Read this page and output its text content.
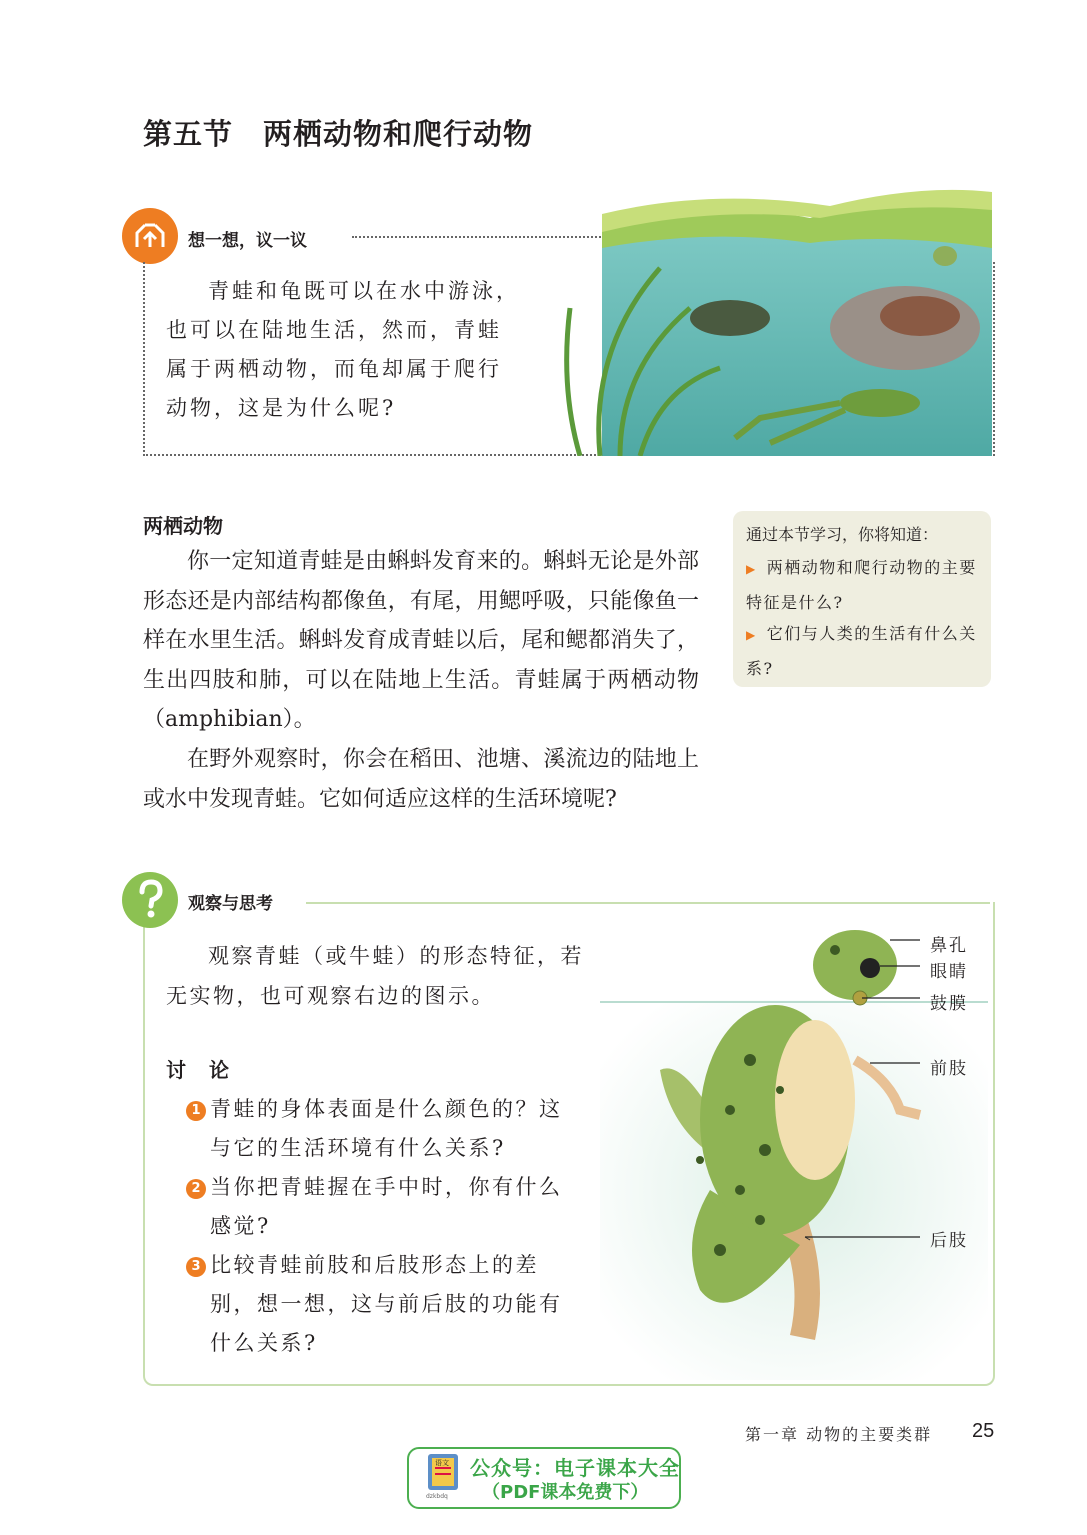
第五节　两栖动物和爬行动物
想一想，议一议

青蛙和龟既可以在水中游泳，

也可以在陆地生活，然而，青蛙

属于两栖动物，而龟却属于爬行

动物，这是为什么呢?

两栖动物

你一定知道青蛙是由蝌蚪发育来的。蝌蚪无论是外部形态还是内部结构都像鱼，有尾，用鳃呼吸，只能像鱼一样在水里生活。蝌蚪发育成青蛙以后，尾和鳃都消失了，生出四肢和肺，可以在陆地上生活。青蛙属于两栖动物（amphibian）。

在野外观察时，你会在稻田、池塘、溪流边的陆地上或水中发现青蛙。它如何适应这样的生活环境呢?

通过本节学习，你将知道：
▶ 两栖动物和爬行动物的主要特征是什么?
▶ 它们与人类的生活有什么关系?
观察与思考

观察青蛙（或牛蛙）的形态特征，若无实物，也可观察右边的图示。

讨 论
1 青蛙的身体表面是什么颜色的？这
与它的生活环境有什么关系?
2 当你把青蛙握在手中时，你有什么
感觉?
3 比较青蛙前肢和后肢形态上的差
别，想一想，这与前后肢的功能有
什么关系?
鼻孔
眼睛
鼓膜
前肢
后肢
第一章 动物的主要类群 25
语文
dzkbdq
公众号：电子课本大全
（PDF课本免费下）
